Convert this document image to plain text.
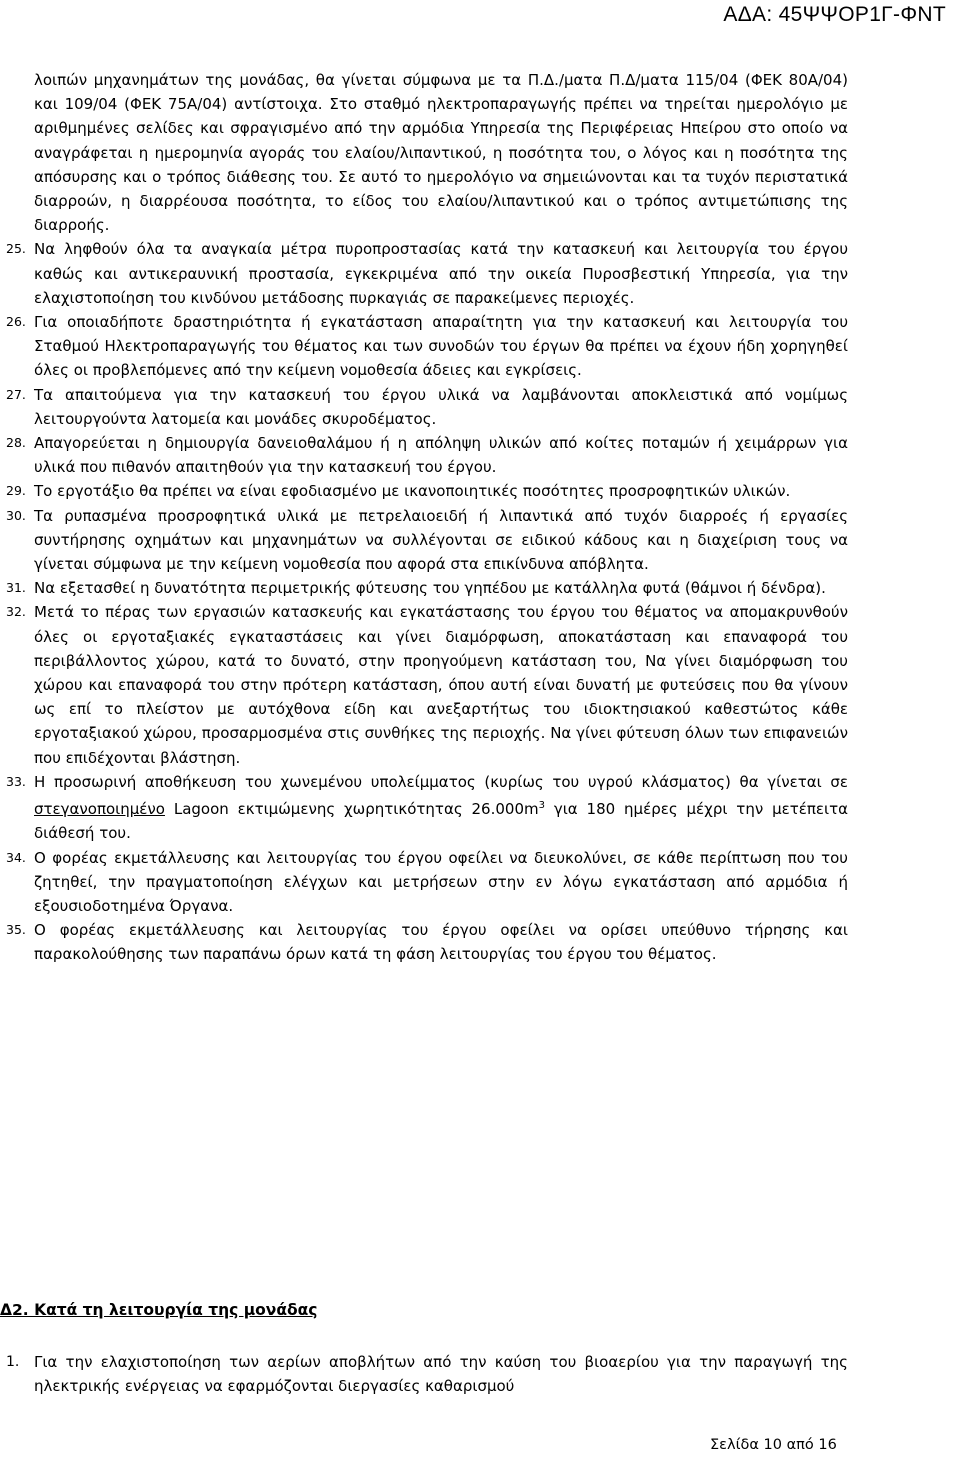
ΑΔΑ: 45ΨΨΟΡ1Γ-ΦΝΤ

λοιπών μηχανημάτων της μονάδας, θα γίνεται σύμφωνα με τα Π.Δ./ματα Π.Δ/ματα 115/04 (ΦΕΚ 80Α/04) και 109/04 (ΦΕΚ 75Α/04) αντίστοιχα. Στο σταθμό ηλεκτροπαραγωγής πρέπει να τηρείται ημερολόγιο με αριθμημένες σελίδες και σφραγισμένο από την αρμόδια Υπηρεσία της Περιφέρειας Ηπείρου στο οποίο να αναγράφεται η ημερομηνία αγοράς του ελαίου/λιπαντικού, η ποσότητα του, ο λόγος και η ποσότητα της απόσυρσης και ο τρόπος διάθεσης του. Σε αυτό το ημερολόγιο να σημειώνονται και τα τυχόν περιστατικά διαρροών, η διαρρέουσα ποσότητα, το είδος του ελαίου/λιπαντικού και ο τρόπος αντιμετώπισης της διαρροής.

25. Να ληφθούν όλα τα αναγκαία μέτρα πυροπροστασίας κατά την κατασκευή και λειτουργία του έργου καθώς και αντικεραυνική προστασία, εγκεκριμένα από την οικεία Πυροσβεστική Υπηρεσία, για την ελαχιστοποίηση του κινδύνου μετάδοσης πυρκαγιάς σε παρακείμενες περιοχές.

26. Για οποιαδήποτε δραστηριότητα ή εγκατάσταση απαραίτητη για την κατασκευή και λειτουργία του Σταθμού Ηλεκτροπαραγωγής του θέματος και των συνοδών του έργων θα πρέπει να έχουν ήδη χορηγηθεί όλες οι προβλεπόμενες από την κείμενη νομοθεσία άδειες και εγκρίσεις.

27. Τα απαιτούμενα για την κατασκευή του έργου υλικά να λαμβάνονται αποκλειστικά από νομίμως λειτουργούντα λατομεία και μονάδες σκυροδέματος.

28. Απαγορεύεται η δημιουργία δανειοθαλάμου ή η απόληψη υλικών από κοίτες ποταμών ή χειμάρρων για υλικά που πιθανόν απαιτηθούν για την κατασκευή του έργου.

29. Το εργοτάξιο θα πρέπει να είναι εφοδιασμένο με ικανοποιητικές ποσότητες προσροφητικών υλικών.

30. Τα ρυπασμένα προσροφητικά υλικά με πετρελαιοειδή ή λιπαντικά από τυχόν διαρροές ή εργασίες συντήρησης οχημάτων και μηχανημάτων να συλλέγονται σε ειδικού κάδους και η διαχείριση τους να γίνεται σύμφωνα με την κείμενη νομοθεσία που αφορά στα επικίνδυνα απόβλητα.

31. Να εξετασθεί η δυνατότητα περιμετρικής φύτευσης του γηπέδου με κατάλληλα φυτά (θάμνοι ή δένδρα).

32. Μετά το πέρας των εργασιών κατασκευής και εγκατάστασης του έργου του θέματος να απομακρυνθούν όλες οι εργοταξιακές εγκαταστάσεις και γίνει διαμόρφωση, αποκατάσταση και επαναφορά του περιβάλλοντος χώρου, κατά το δυνατό, στην προηγούμενη κατάσταση του, Να γίνει διαμόρφωση του χώρου και επαναφορά του στην πρότερη κατάσταση, όπου αυτή είναι δυνατή με φυτεύσεις που θα γίνουν ως επί το πλείστον με αυτόχθονα είδη και ανεξαρτήτως του ιδιοκτησιακού καθεστώτος κάθε εργοταξιακού χώρου, προσαρμοσμένα στις συνθήκες της περιοχής. Να γίνει φύτευση όλων των επιφανειών που επιδέχονται βλάστηση.

33. Η προσωρινή αποθήκευση του χωνεμένου υπολείμματος (κυρίως του υγρού κλάσματος) θα γίνεται σε στεγανοποιημένο Lagoon εκτιμώμενης χωρητικότητας $26.000m^3$ για 180 ημέρες μέχρι την μετέπειτα διάθεσή του.

34. Ο φορέας εκμετάλλευσης και λειτουργίας του έργου οφείλει να διευκολύνει, σε κάθε περίπτωση που του ζητηθεί, την πραγματοποίηση ελέγχων και μετρήσεων στην εν λόγω εγκατάσταση από αρμόδια ή εξουσιοδοτημένα Όργανα.

35. Ο φορέας εκμετάλλευσης και λειτουργίας του έργου οφείλει να ορίσει υπεύθυνο τήρησης και παρακολούθησης των παραπάνω όρων κατά τη φάση λειτουργίας του έργου του θέματος.

Δ2. Κατά τη λειτουργία της μονάδας

1. Για την ελαχιστοποίηση των αερίων αποβλήτων από την καύση του βιοαερίου για την παραγωγή της ηλεκτρικής ενέργειας να εφαρμόζονται διεργασίες καθαρισμού

Σελίδα 10 από 16
